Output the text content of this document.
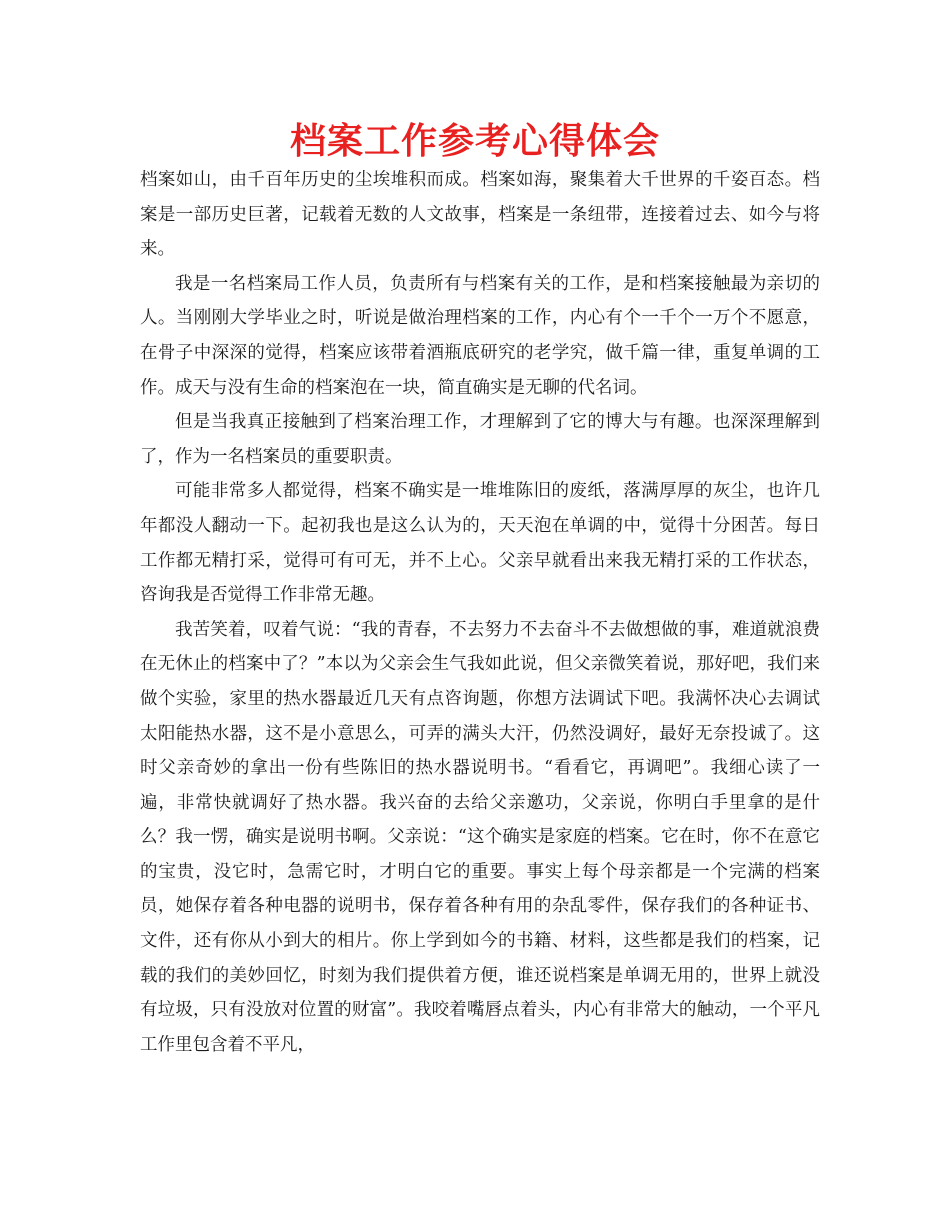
档案工作参考心得体会

档案如山，由千百年历史的尘埃堆积而成。档案如海，聚集着大千世界的千姿百态。档案是一部历史巨著，记载着无数的人文故事，档案是一条纽带，连接着过去、如今与将来。

我是一名档案局工作人员，负责所有与档案有关的工作，是和档案接触最为亲切的人。当刚刚大学毕业之时，听说是做治理档案的工作，内心有个一千个一万个不愿意，在骨子中深深的觉得，档案应该带着酒瓶底研究的老学究，做千篇一律，重复单调的工作。成天与没有生命的档案泡在一块，简直确实是无聊的代名词。

但是当我真正接触到了档案治理工作，才理解到了它的博大与有趣。也深深理解到了，作为一名档案员的重要职责。

可能非常多人都觉得，档案不确实是一堆堆陈旧的废纸，落满厚厚的灰尘，也许几年都没人翻动一下。起初我也是这么认为的，天天泡在单调的中，觉得十分困苦。每日工作都无精打采，觉得可有可无，并不上心。父亲早就看出来我无精打采的工作状态，咨询我是否觉得工作非常无趣。

我苦笑着，叹着气说：“我的青春，不去努力不去奋斗不去做想做的事，难道就浪费在无休止的档案中了？”本以为父亲会生气我如此说，但父亲微笑着说，那好吧，我们来做个实验，家里的热水器最近几天有点咨询题，你想方法调试下吧。我满怀决心去调试太阳能热水器，这不是小意思么，可弄的满头大汗，仍然没调好，最好无奈投诚了。这时父亲奇妙的拿出一份有些陈旧的热水器说明书。“看看它，再调吧”。我细心读了一遍，非常快就调好了热水器。我兴奋的去给父亲邀功，父亲说，你明白手里拿的是什么？我一愣，确实是说明书啊。父亲说：“这个确实是家庭的档案。它在时，你不在意它的宝贵，没它时，急需它时，才明白它的重要。事实上每个母亲都是一个完满的档案员，她保存着各种电器的说明书，保存着各种有用的杂乱零件，保存我们的各种证书、文件，还有你从小到大的相片。你上学到如今的书籍、材料，这些都是我们的档案，记载的我们的美妙回忆，时刻为我们提供着方便，谁还说档案是单调无用的，世界上就没有垃圾，只有没放对位置的财富”。我咬着嘴唇点着头，内心有非常大的触动，一个平凡工作里包含着不平凡，
